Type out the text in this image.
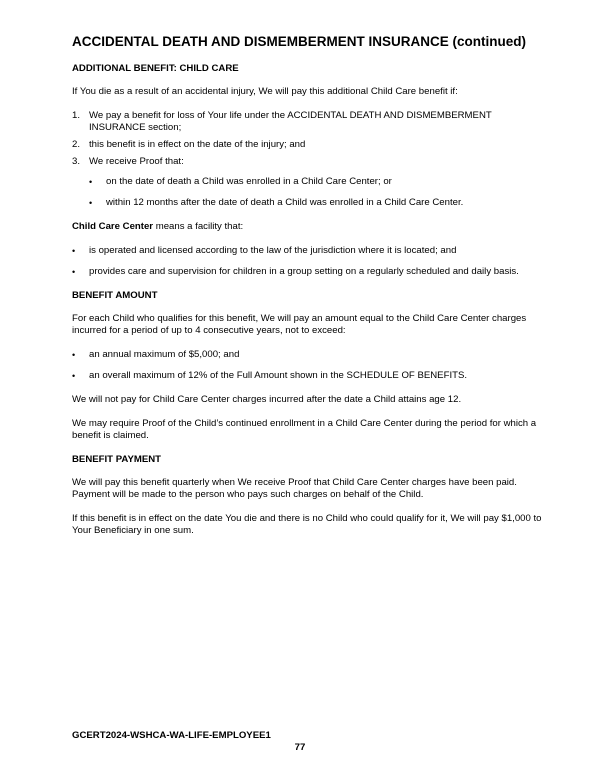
ACCIDENTAL DEATH AND DISMEMBERMENT INSURANCE (continued)
ADDITIONAL BENEFIT: CHILD CARE
If You die as a result of an accidental injury, We will pay this additional Child Care benefit if:
1. We pay a benefit for loss of Your life under the ACCIDENTAL DEATH AND DISMEMBERMENT INSURANCE section;
2. this benefit is in effect on the date of the injury; and
3. We receive Proof that:
•	on the date of death a Child was enrolled in a Child Care Center; or
•	within 12 months after the date of death a Child was enrolled in a Child Care Center.
Child Care Center means a facility that:
•	is operated and licensed according to the law of the jurisdiction where it is located; and
•	provides care and supervision for children in a group setting on a regularly scheduled and daily basis.
BENEFIT AMOUNT
For each Child who qualifies for this benefit, We will pay an amount equal to the Child Care Center charges incurred for a period of up to 4 consecutive years, not to exceed:
•	an annual maximum of $5,000; and
•	an overall maximum of 12% of the Full Amount shown in the SCHEDULE OF BENEFITS.
We will not pay for Child Care Center charges incurred after the date a Child attains age 12.
We may require Proof of the Child’s continued enrollment in a Child Care Center during the period for which a benefit is claimed.
BENEFIT PAYMENT
We will pay this benefit quarterly when We receive Proof that Child Care Center charges have been paid. Payment will be made to the person who pays such charges on behalf of the Child.
If this benefit is in effect on the date You die and there is no Child who could qualify for it, We will pay $1,000 to Your Beneficiary in one sum.
GCERT2024-WSHCA-WA-LIFE-EMPLOYEE1
77
